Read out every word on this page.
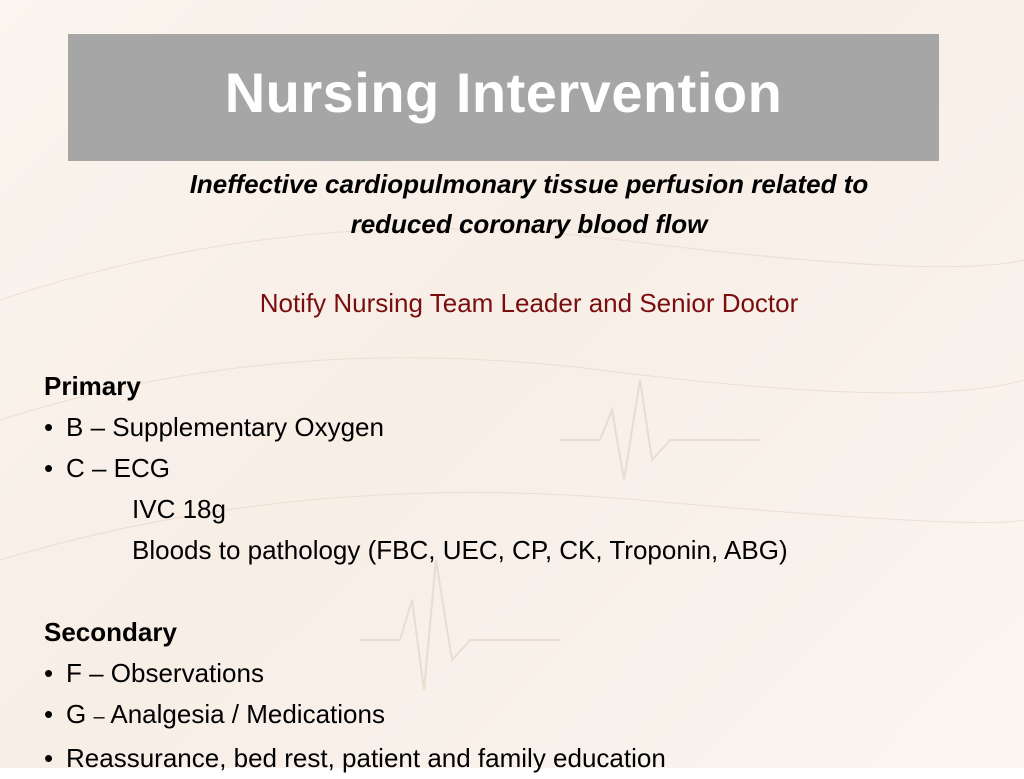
Nursing Intervention
Ineffective cardiopulmonary tissue perfusion related to
reduced coronary blood flow
Notify Nursing Team Leader and Senior Doctor
Primary
• B – Supplementary Oxygen
• C – ECG
IVC 18g
Bloods to pathology (FBC, UEC, CP, CK, Troponin, ABG)
Secondary
• F – Observations
• G – Analgesia / Medications
• Reassurance, bed rest, patient and family education
